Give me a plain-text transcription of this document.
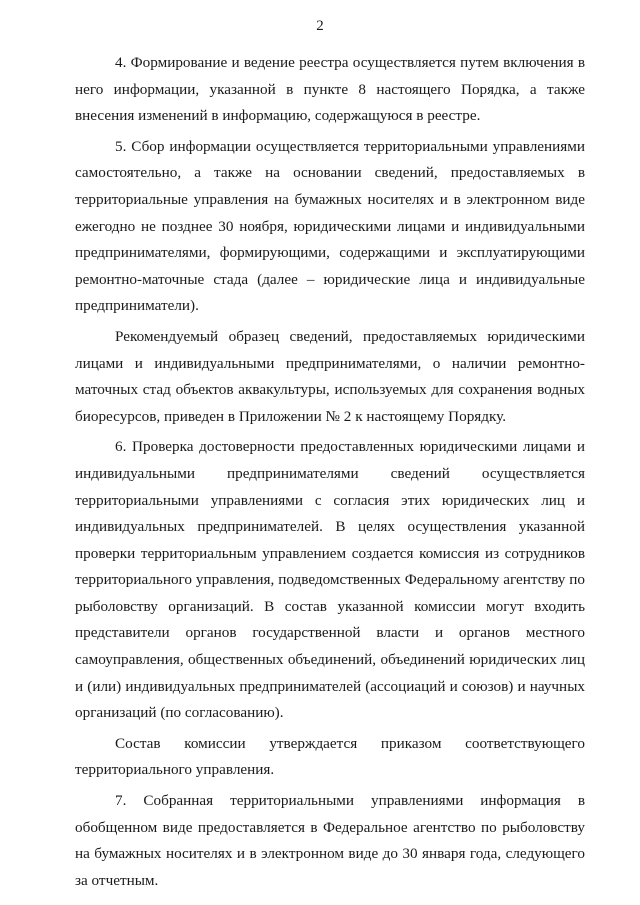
2

4. Формирование и ведение реестра осуществляется путем включения в него информации, указанной в пункте 8 настоящего Порядка, а также внесения изменений в информацию, содержащуюся в реестре.

5. Сбор информации осуществляется территориальными управлениями самостоятельно, а также на основании сведений, предоставляемых в территориальные управления на бумажных носителях и в электронном виде ежегодно не позднее 30 ноября, юридическими лицами и индивидуальными предпринимателями, формирующими, содержащими и эксплуатирующими ремонтно-маточные стада (далее – юридические лица и индивидуальные предприниматели).

Рекомендуемый образец сведений, предоставляемых юридическими лицами и индивидуальными предпринимателями, о наличии ремонтно-маточных стад объектов аквакультуры, используемых для сохранения водных биоресурсов, приведен в Приложении № 2 к настоящему Порядку.

6. Проверка достоверности предоставленных юридическими лицами и индивидуальными предпринимателями сведений осуществляется территориальными управлениями с согласия этих юридических лиц и индивидуальных предпринимателей. В целях осуществления указанной проверки территориальным управлением создается комиссия из сотрудников территориального управления, подведомственных Федеральному агентству по рыболовству организаций. В состав указанной комиссии могут входить представители органов государственной власти и органов местного самоуправления, общественных объединений, объединений юридических лиц и (или) индивидуальных предпринимателей (ассоциаций и союзов) и научных организаций (по согласованию).

Состав комиссии утверждается приказом соответствующего территориального управления.

7. Собранная территориальными управлениями информация в обобщенном виде предоставляется в Федеральное агентство по рыболовству на бумажных носителях и в электронном виде до 30 января года, следующего за отчетным.
